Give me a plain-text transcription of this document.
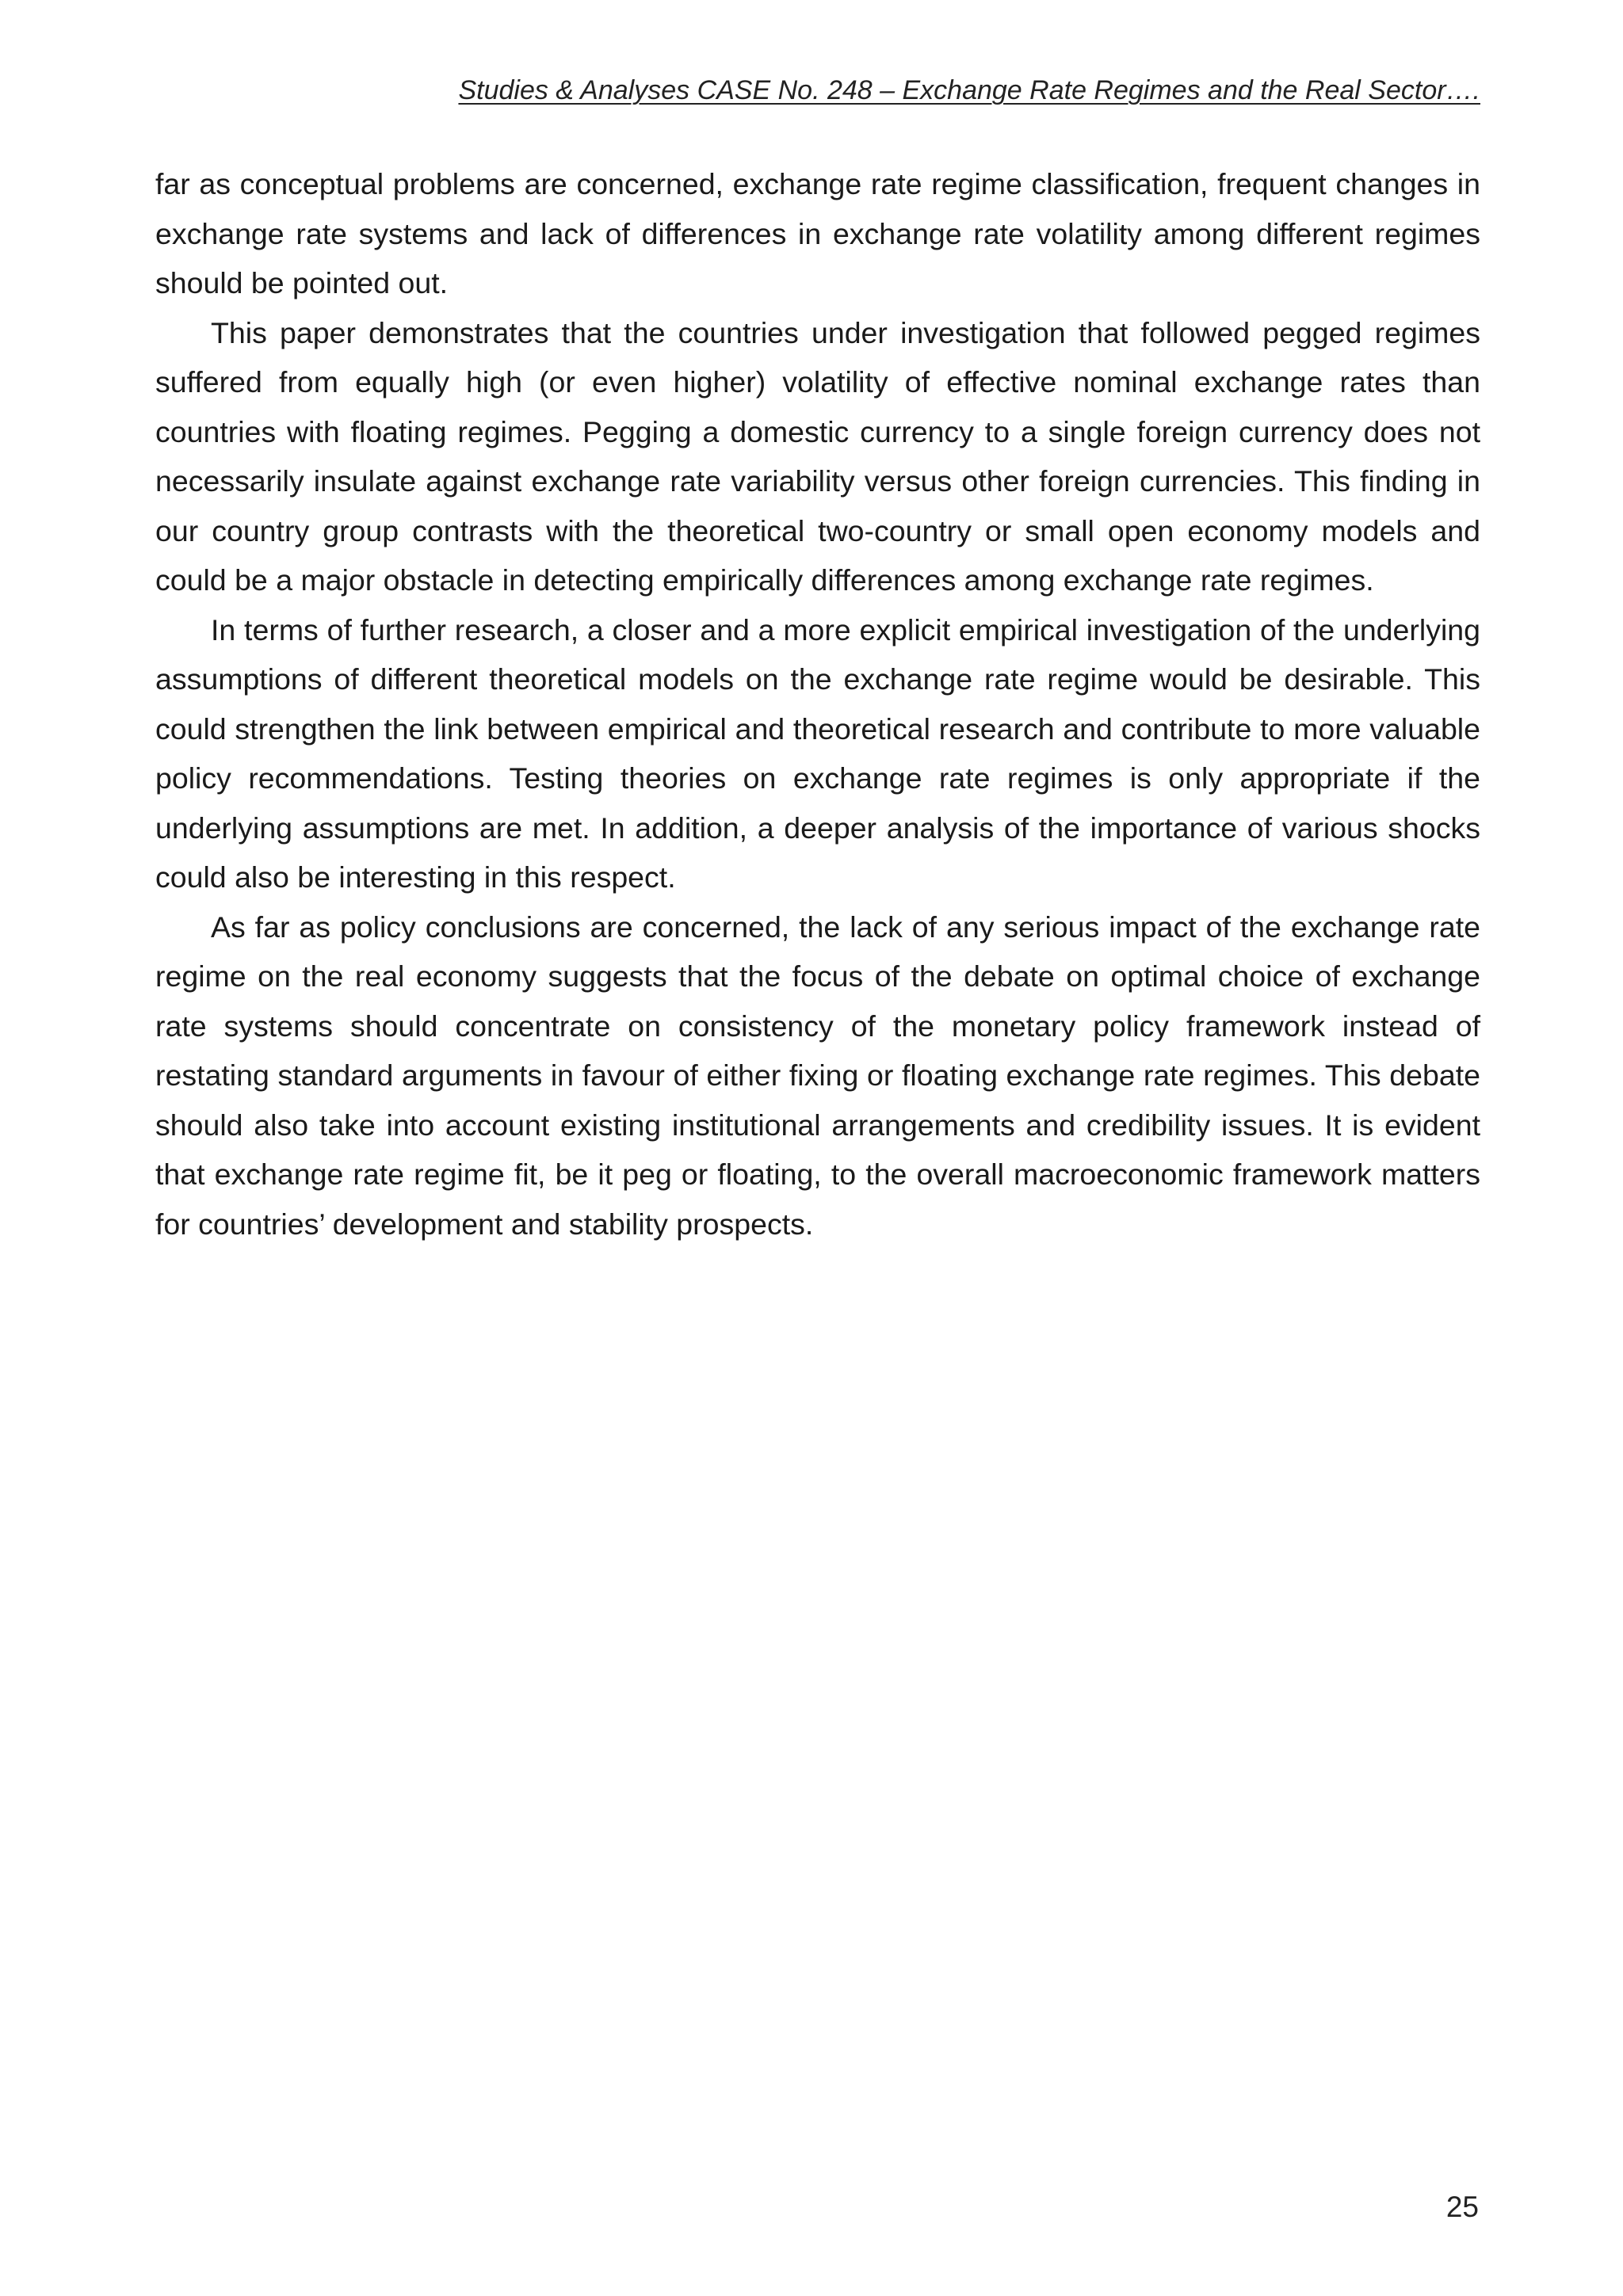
Studies & Analyses CASE No. 248 – Exchange Rate Regimes and the Real Sector….

far as conceptual problems are concerned, exchange rate regime classification, frequent changes in exchange rate systems and lack of differences in exchange rate volatility among different regimes should be pointed out.

This paper demonstrates that the countries under investigation that followed pegged regimes suffered from equally high (or even higher) volatility of effective nominal exchange rates than countries with floating regimes. Pegging a domestic currency to a single foreign currency does not necessarily insulate against exchange rate variability versus other foreign currencies. This finding in our country group contrasts with the theoretical two-country or small open economy models and could be a major obstacle in detecting empirically differences among exchange rate regimes.

In terms of further research, a closer and a more explicit empirical investigation of the underlying assumptions of different theoretical models on the exchange rate regime would be desirable. This could strengthen the link between empirical and theoretical research and contribute to more valuable policy recommendations. Testing theories on exchange rate regimes is only appropriate if the underlying assumptions are met. In addition, a deeper analysis of the importance of various shocks could also be interesting in this respect.

As far as policy conclusions are concerned, the lack of any serious impact of the exchange rate regime on the real economy suggests that the focus of the debate on optimal choice of exchange rate systems should concentrate on consistency of the monetary policy framework instead of restating standard arguments in favour of either fixing or floating exchange rate regimes. This debate should also take into account existing institutional arrangements and credibility issues. It is evident that exchange rate regime fit, be it peg or floating, to the overall macroeconomic framework matters for countries’ development and stability prospects.

25
